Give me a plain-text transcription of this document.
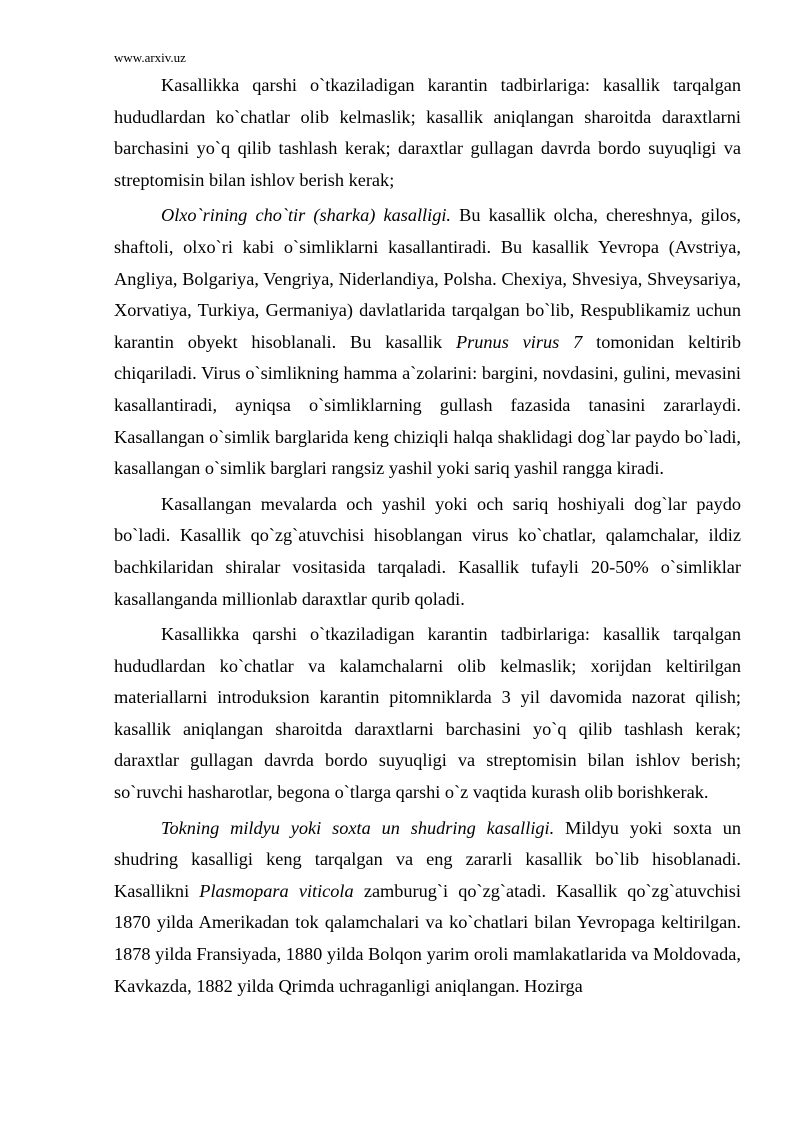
www.arxiv.uz

Kasallikka qarshi o`tkaziladigan karantin tadbirlariga: kasallik tarqalgan hududlardan ko`chatlar olib kelmaslik; kasallik aniqlangan sharoitda daraxtlarni barchasini yo`q qilib tashlash kerak; daraxtlar gullagan davrda bordo suyuqligi va streptomisin bilan ishlov berish kerak;

Olxo`rining cho`tir (sharka) kasalligi. Bu kasallik olcha, chereshnya, gilos, shaftoli, olxo`ri kabi o`simliklarni kasallantiradi. Bu kasallik Yevropa (Avstriya, Angliya, Bolgariya, Vengriya, Niderlandiya, Polsha. Chexiya, Shvesiya, Shveysariya, Xorvatiya, Turkiya, Germaniya) davlatlarida tarqalgan bo`lib, Respublikamiz uchun karantin obyekt hisoblanali. Bu kasallik Prunus virus 7 tomonidan keltirib chiqariladi. Virus o`simlikning hamma a`zolarini: bargini, novdasini, gulini, mevasini kasallantiradi, ayniqsa o`simliklarning gullash fazasida tanasini zararlaydi. Kasallangan o`simlik barglarida keng chiziqli halqa shaklidagi dog`lar paydo bo`ladi, kasallangan o`simlik barglari rangsiz yashil yoki sariq yashil rangga kiradi.

Kasallangan mevalarda och yashil yoki och sariq hoshiyali dog`lar paydo bo`ladi. Kasallik qo`zg`atuvchisi hisoblangan virus ko`chatlar, qalamchalar, ildiz bachkilaridan shiralar vositasida tarqaladi. Kasallik tufayli 20-50% o`simliklar kasallanganda millionlab daraxtlar qurib qoladi.

Kasallikka qarshi o`tkaziladigan karantin tadbirlariga: kasallik tarqalgan hududlardan ko`chatlar va kalamchalarni olib kelmaslik; xorijdan keltirilgan materiallarni introduksion karantin pitomniklarda 3 yil davomida nazorat qilish; kasallik aniqlangan sharoitda daraxtlarni barchasini yo`q qilib tashlash kerak; daraxtlar gullagan davrda bordo suyuqligi va streptomisin bilan ishlov berish; so`ruvchi hasharotlar, begona o`tlarga qarshi o`z vaqtida kurash olib borishkerak.

Tokning mildyu yoki soxta un shudring kasalligi. Mildyu yoki soxta un shudring kasalligi keng tarqalgan va eng zararli kasallik bo`lib hisoblanadi. Kasallikni Plasmopara viticola zamburug`i qo`zg`atadi. Kasallik qo`zg`atuvchisi 1870 yilda Amerikadan tok qalamchalari va ko`chatlari bilan Yevropaga keltirilgan. 1878 yilda Fransiyada, 1880 yilda Bolqon yarim oroli mamlakatlarida va Moldovada, Kavkazda, 1882 yilda Qrimda uchraganligi aniqlangan. Hozirga
